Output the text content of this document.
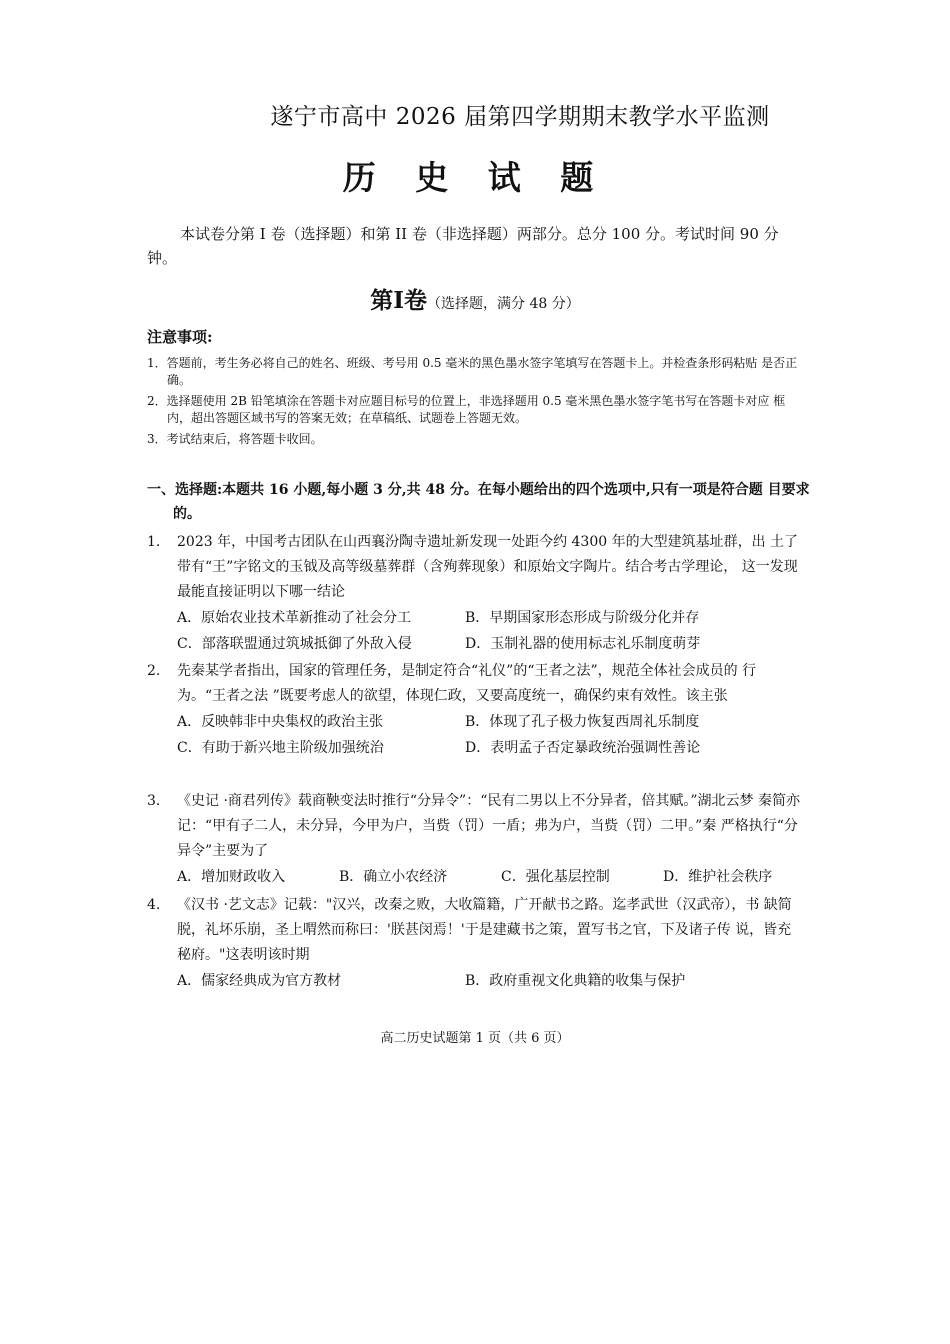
遂宁市高中 2026 届第四学期期末教学水平监测
历 史 试 题
本试卷分第 I 卷（选择题）和第 II 卷（非选择题）两部分。总分 100 分。考试时间 90 分钟。
第Ⅰ卷（选择题，满分 48 分）
注意事项:
1．答题前，考生务必将自己的姓名、班级、考号用 0.5 毫米的黑色墨水签字笔填写在答题卡上。并检查条形码粘贴 是否正确。
2．选择题使用 2B 铅笔填涂在答题卡对应题目标号的位置上，非选择题用 0.5 毫米黑色墨水签字笔书写在答题卡对应 框内，超出答题区域书写的答案无效；在草稿纸、试题卷上答题无效。
3．考试结束后，将答题卡收回。
一、选择题:本题共 16 小题,每小题 3 分,共 48 分。在每小题给出的四个选项中,只有一项是符合题 目要求的。
1.	2023 年，中国考古团队在山西襄汾陶寺遗址新发现一处距今约 4300 年的大型建筑基址群，出 土了带有“王”字铭文的玉钺及高等级墓葬群（含殉葬现象）和原始文字陶片。结合考古学理论， 这一发现最能直接证明以下哪一结论
A．原始农业技术革新推动了社会分工	B．早期国家形态形成与阶级分化并存
C．部落联盟通过筑城抵御了外敌入侵	D．玉制礼器的使用标志礼乐制度萌芽
2.	先秦某学者指出，国家的管理任务，是制定符合“礼仪”的“王者之法”，规范全体社会成员的 行为。“王者之法 ”既要考虑人的欲望，体现仁政，又要高度统一，确保约束有效性。该主张
A．反映韩非中央集权的政治主张	B．体现了孔子极力恢复西周礼乐制度
C．有助于新兴地主阶级加强统治	D．表明孟子否定暴政统治强调性善论
3.	《史记 ·商君列传》载商鞅变法时推行“分异令”：“民有二男以上不分异者，倍其赋。”湖北云梦 秦简亦记：“甲有子二人，未分异，今甲为户，当赀（罚）一盾；弗为户，当赀（罚）二甲。”秦 严格执行“分异令”主要为了
A．增加财政收入	B．确立小农经济	C．强化基层控制	D．维护社会秩序
4.	《汉书 ·艺文志》记载："汉兴，改秦之败，大收篇籍，广开献书之路。迄孝武世（汉武帝），书 缺简脱，礼坏乐崩，圣上喟然而称曰：'朕甚闵焉！'于是建藏书之策，置写书之官，下及诸子传 说，皆充秘府。"这表明该时期
A．儒家经典成为官方教材	B．政府重视文化典籍的收集与保护
高二历史试题第 1 页（共 6 页）
